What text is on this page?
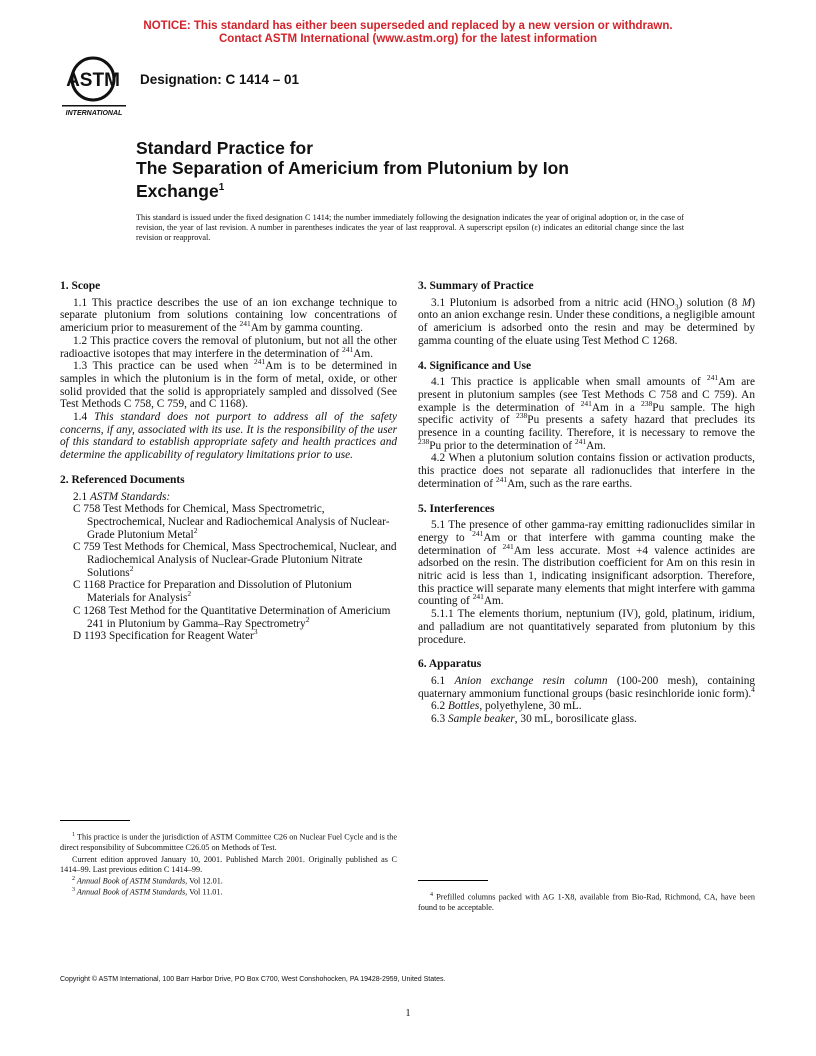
NOTICE: This standard has either been superseded and replaced by a new version or withdrawn.
Contact ASTM International (www.astm.org) for the latest information
ASTM
INTERNATIONAL
Designation: C 1414 – 01
Standard Practice for
The Separation of Americium from Plutonium by Ion
Exchange$^1$
This standard is issued under the fixed designation C 1414; the number immediately following the designation indicates the year of original adoption or, in the case of revision, the year of last revision. A number in parentheses indicates the year of last reapproval. A superscript epsilon (ε) indicates an editorial change since the last revision or reapproval.
1. Scope

1.1 This practice describes the use of an ion exchange technique to separate plutonium from solutions containing low concentrations of americium prior to measurement of the $^{241}$Am by gamma counting.

1.2 This practice covers the removal of plutonium, but not all the other radioactive isotopes that may interfere in the determination of $^{241}$Am.

1.3 This practice can be used when $^{241}$Am is to be determined in samples in which the plutonium is in the form of metal, oxide, or other solid provided that the solid is appropriately sampled and dissolved (See Test Methods C 758, C 759, and C 1168).

1.4 This standard does not purport to address all of the safety concerns, if any, associated with its use. It is the responsibility of the user of this standard to establish appropriate safety and health practices and determine the applicability of regulatory limitations prior to use.

2. Referenced Documents

2.1 ASTM Standards:

C 758 Test Methods for Chemical, Mass Spectrometric, Spectrochemical, Nuclear and Radiochemical Analysis of Nuclear-Grade Plutonium Metal$^2$

C 759 Test Methods for Chemical, Mass Spectrochemical, Nuclear, and Radiochemical Analysis of Nuclear-Grade Plutonium Nitrate Solutions$^2$

C 1168 Practice for Preparation and Dissolution of Plutonium Materials for Analysis$^2$

C 1268 Test Method for the Quantitative Determination of Americium 241 in Plutonium by Gamma–Ray Spectrometry$^2$

D 1193 Specification for Reagent Water$^3$

$^1$ This practice is under the jurisdiction of ASTM Committee C26 on Nuclear Fuel Cycle and is the direct responsibility of Subcommittee C26.05 on Methods of Test.

Current edition approved January 10, 2001. Published March 2001. Originally published as C 1414–99. Last previous edition C 1414–99.

$^2$ Annual Book of ASTM Standards, Vol 12.01.

$^3$ Annual Book of ASTM Standards, Vol 11.01.

3. Summary of Practice

3.1 Plutonium is adsorbed from a nitric acid $(HNO_3)$ solution (8 M) onto an anion exchange resin. Under these conditions, a negligible amount of americium is adsorbed onto the resin and may be determined by gamma counting of the eluate using Test Method C 1268.

4. Significance and Use

4.1 This practice is applicable when small amounts of $^{241}$Am are present in plutonium samples (see Test Methods C 758 and C 759). An example is the determination of $^{241}$Am in a $^{238}$Pu sample. The high specific activity of $^{238}$Pu presents a safety hazard that precludes its presence in a counting facility. Therefore, it is necessary to remove the $^{238}$Pu prior to the determination of $^{241}$Am.

4.2 When a plutonium solution contains fission or activation products, this practice does not separate all radionuclides that interfere in the determination of $^{241}$Am, such as the rare earths.

5. Interferences

5.1 The presence of other gamma-ray emitting radionuclides similar in energy to $^{241}$Am or that interfere with gamma counting make the determination of $^{241}$Am less accurate. Most +4 valence actinides are adsorbed on the resin. The distribution coefficient for Am on this resin in nitric acid is less than 1, indicating insignificant adsorption. Therefore, this practice will separate many elements that might interfere with gamma counting of $^{241}$Am.

5.1.1 The elements thorium, neptunium (IV), gold, platinum, iridium, and palladium are not quantitatively separated from plutonium by this procedure.

6. Apparatus

6.1 Anion exchange resin column (100-200 mesh), containing quaternary ammonium functional groups (basic resinchloride ionic form).$^4$

6.2 Bottles, polyethylene, 30 mL.

6.3 Sample beaker, 30 mL, borosilicate glass.

$^4$ Prefilled columns packed with AG 1-X8, available from Bio-Rad, Richmond, CA, have been found to be acceptable.

Copyright © ASTM International, 100 Barr Harbor Drive, PO Box C700, West Conshohocken, PA 19428-2959, United States.
1
